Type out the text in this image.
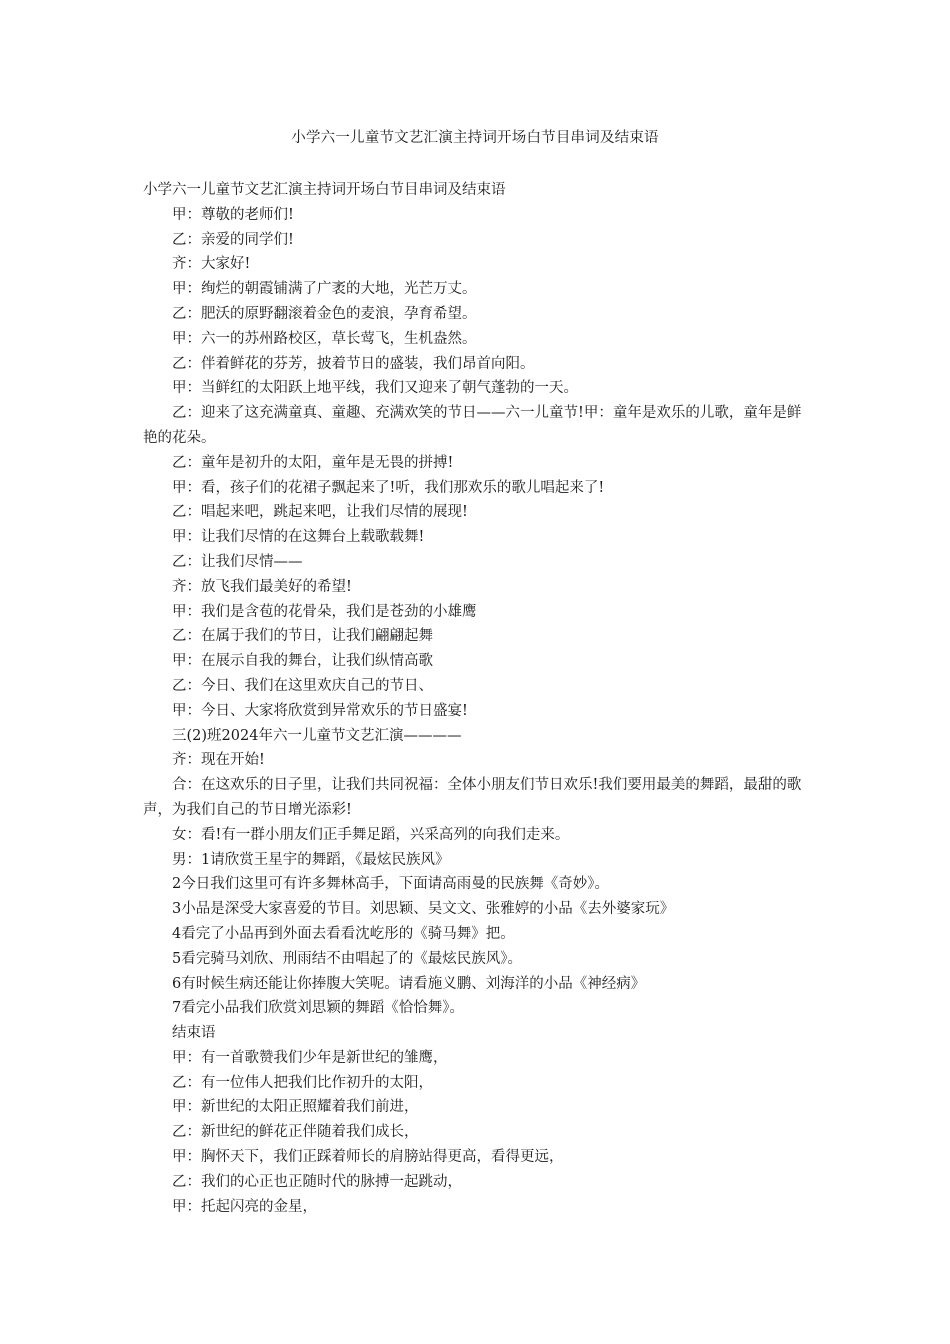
小学六一儿童节文艺汇演主持词开场白节目串词及结束语

小学六一儿童节文艺汇演主持词开场白节目串词及结束语

甲：尊敬的老师们!

乙：亲爱的同学们!

齐：大家好!

甲：绚烂的朝霞铺满了广袤的大地，光芒万丈。

乙：肥沃的原野翻滚着金色的麦浪，孕育希望。

甲：六一的苏州路校区，草长莺飞，生机盎然。

乙：伴着鲜花的芬芳，披着节日的盛装，我们昂首向阳。

甲：当鲜红的太阳跃上地平线，我们又迎来了朝气蓬勃的一天。

乙：迎来了这充满童真、童趣、充满欢笑的节日——六一儿童节!甲：童年是欢乐的儿歌，童年是鲜艳的花朵。

乙：童年是初升的太阳，童年是无畏的拼搏!

甲：看，孩子们的花裙子飘起来了!听，我们那欢乐的歌儿唱起来了!

乙：唱起来吧，跳起来吧，让我们尽情的展现!

甲：让我们尽情的在这舞台上载歌载舞!

乙：让我们尽情——

齐：放飞我们最美好的希望!

甲：我们是含苞的花骨朵，我们是苍劲的小雄鹰

乙：在属于我们的节日，让我们翩翩起舞

甲：在展示自我的舞台，让我们纵情高歌

乙：今日、我们在这里欢庆自己的节日、

甲：今日、大家将欣赏到异常欢乐的节日盛宴!

三(2)班2024年六一儿童节文艺汇演————

齐：现在开始!

合：在这欢乐的日子里，让我们共同祝福：全体小朋友们节日欢乐!我们要用最美的舞蹈，最甜的歌声，为我们自己的节日增光添彩!

女：看!有一群小朋友们正手舞足蹈，兴采高列的向我们走来。

男：1请欣赏王星宇的舞蹈，《最炫民族风》

2今日我们这里可有许多舞林高手，下面请高雨曼的民族舞《奇妙》。

3小品是深受大家喜爱的节目。刘思颖、吴文文、张雅婷的小品《去外婆家玩》

4看完了小品再到外面去看看沈屹彤的《骑马舞》把。

5看完骑马刘欣、刑雨结不由唱起了的《最炫民族风》。

6有时候生病还能让你捧腹大笑呢。请看施义鹏、刘海洋的小品《神经病》

7看完小品我们欣赏刘思颖的舞蹈《恰恰舞》。

结束语

甲：有一首歌赞我们少年是新世纪的雏鹰，

乙：有一位伟人把我们比作初升的太阳，

甲：新世纪的太阳正照耀着我们前进，

乙：新世纪的鲜花正伴随着我们成长，

甲：胸怀天下，我们正踩着师长的肩膀站得更高，看得更远，

乙：我们的心正也正随时代的脉搏一起跳动，

甲：托起闪亮的金星，
